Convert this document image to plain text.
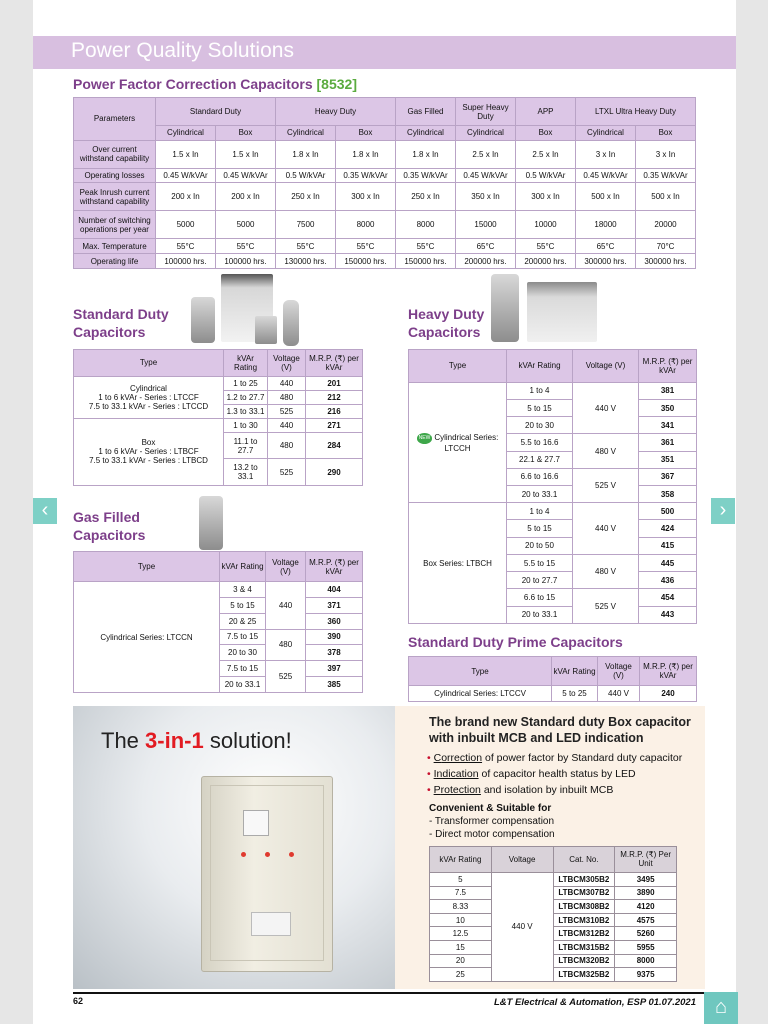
Power Quality Solutions
Power Factor Correction Capacitors [8532]
Parameters	Standard Duty		Heavy Duty		Gas Filled	Super Heavy Duty	APP	LTXL Ultra Heavy Duty	
	Cylindrical	Box	Cylindrical	Box	Cylindrical	Cylindrical	Box	Cylindrical	Box
Over current withstand capability	1.5 x In	1.5 x In	1.8 x In	1.8 x In	1.8 x In	2.5 x In	2.5 x In	3 x In	3 x In
Operating losses	0.45 W/kVAr	0.45 W/kVAr	0.5 W/kVAr	0.35 W/kVAr	0.35 W/kVAr	0.45 W/kVAr	0.5 W/kVAr	0.45 W/kVAr	0.35 W/kVAr
Peak Inrush current withstand capability	200 x In	200 x In	250 x In	300 x In	250 x In	350 x In	300 x In	500 x In	500 x In
Number of switching operations per year	5000	5000	7500	8000	8000	15000	10000	18000	20000
Max. Temperature	55°C	55°C	55°C	55°C	55°C	65°C	55°C	65°C	70°C
Operating life	100000 hrs.	100000 hrs.	130000 hrs.	150000 hrs.	150000 hrs.	200000 hrs.	200000 hrs.	300000 hrs.	300000 hrs.
Standard Duty
Capacitors
Type	kVAr Rating	Voltage (V)	M.R.P. (₹) per kVAr

Cylindrical
1 to 6 kVAr - Series : LTCCF
7.5 to 33.1 kVAr - Series : LTCCD	1 to 25	440	201
	1.2 to 27.7	480	212
	1.3 to 33.1	525	216

Box
1 to 6 kVAr - Series : LTBCF
7.5 to 33.1 kVAr - Series : LTBCD	1 to 30	440	271
	11.1 to 27.7	480	284
	13.2 to 33.1	525	290
Gas Filled
Capacitors
Type	kVAr Rating	Voltage (V)	M.R.P. (₹) per kVAr
Cylindrical Series: LTCCN	3 & 4	440	404
	5 to 15		371
	20 & 25		360
	7.5 to 15	480	390
	20 to 30		378
	7.5 to 15	525	397
	20 to 33.1		385
Heavy Duty
Capacitors
Type	kVAr Rating	Voltage (V)	M.R.P. (₹) per kVAr
NEW Cylindrical Series: LTCCH	1 to 4	440 V	381
	5 to 15		350
	20 to 30		341
	5.5 to 16.6	480 V	361
	22.1 & 27.7		351
	6.6 to 16.6	525 V	367
	20 to 33.1		358
Box Series: LTBCH	1 to 4	440 V	500
	5 to 15		424
	20 to 50		415
	5.5 to 15	480 V	445
	20 to 27.7		436
	6.6 to 15	525 V	454
	20 to 33.1		443
Standard Duty Prime Capacitors
Type	kVAr Rating	Voltage (V)	M.R.P. (₹) per kVAr
Cylindrical Series: LTCCV	5 to 25	440 V	240
The 3-in-1 solution!
The brand new Standard duty Box capacitor
with inbuilt MCB and LED indication
• Correction of power factor by Standard duty capacitor
• Indication of capacitor health status by LED
• Protection and isolation by inbuilt MCB
Convenient & Suitable for
- Transformer compensation
- Direct motor compensation
kVAr Rating	Voltage	Cat. No.	M.R.P. (₹) Per Unit
5	440 V	LTBCM305B2	3495
7.5		LTBCM307B2	3890
8.33		LTBCM308B2	4120
10		LTBCM310B2	4575
12.5		LTBCM312B2	5260
15		LTBCM315B2	5955
20		LTBCM320B2	8000
25		LTBCM325B2	9375
62	L&T Electrical & Automation, ESP 01.07.2021
‹	›
⌂
